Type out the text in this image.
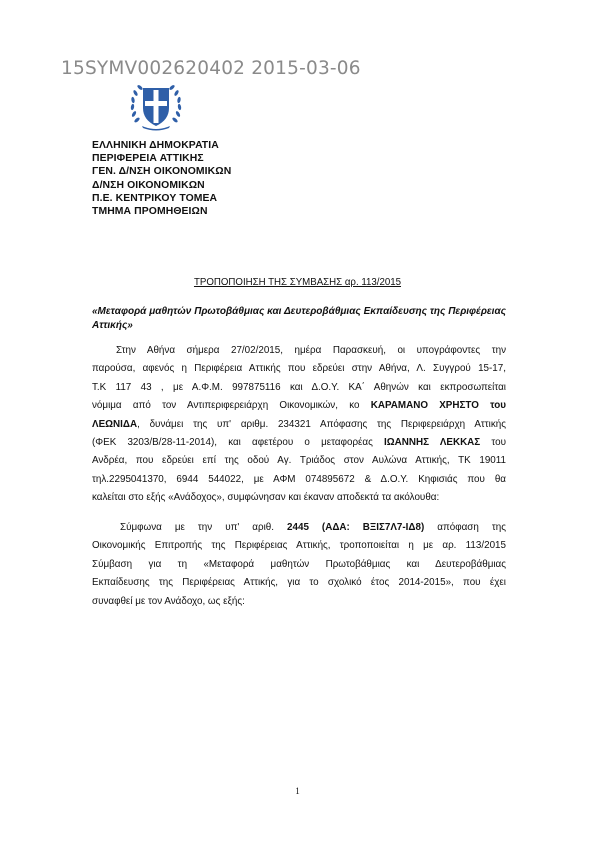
15SYMV002620402 2015-03-06
ΕΛΛΗΝΙΚΗ ΔΗΜΟΚΡΑΤΙΑ
ΠΕΡΙΦΕΡΕΙΑ ΑΤΤΙΚΗΣ
ΓΕΝ. Δ/ΝΣΗ ΟΙΚΟΝΟΜΙΚΩΝ
Δ/ΝΣΗ ΟΙΚΟΝΟΜΙΚΩΝ
Π.Ε. ΚΕΝΤΡΙΚΟΥ ΤΟΜΕΑ
ΤΜΗΜΑ ΠΡΟΜΗΘΕΙΩΝ
ΤΡΟΠΟΠΟΙΗΣΗ ΤΗΣ ΣΥΜΒΑΣΗΣ αρ. 113/2015
«Μεταφορά μαθητών Πρωτοβάθμιας και Δευτεροβάθμιας Εκπαίδευσης της Περιφέρειας Αττικής»
Στην Αθήνα σήμερα 27/02/2015, ημέρα Παρασκευή, οι υπογράφοντες την
παρούσα, αφενός η Περιφέρεια Αττικής που εδρεύει στην Αθήνα, Λ. Συγγρού 15-17,
Τ.Κ 117 43 , με Α.Φ.Μ. 997875116 και Δ.Ο.Υ. ΚΑ΄ Αθηνών και εκπροσωπείται
νόμιμα από τον Αντιπεριφερειάρχη Οικονομικών, κο ΚΑΡΑΜΑΝΟ ΧΡΗΣΤΟ του
ΛΕΩΝΙΔΑ, δυνάμει της υπ' αριθμ. 234321 Απόφασης της Περιφερειάρχη Αττικής
(ΦΕΚ 3203/Β/28-11-2014), και αφετέρου ο μεταφορέας ΙΩΑΝΝΗΣ ΛΕΚΚΑΣ του
Ανδρέα, που εδρεύει επί της οδού Αγ. Τριάδος στον Αυλώνα Αττικής, ΤΚ 19011
τηλ.2295041370, 6944 544022, με ΑΦΜ 074895672 & Δ.Ο.Υ. Κηφισιάς που θα
καλείται στο εξής «Ανάδοχος», συμφώνησαν και έκαναν αποδεκτά τα ακόλουθα:
Σύμφωνα με την υπ' αριθ. 2445 (ΑΔΑ: ΒΞΙΣ7Λ7-ΙΔ8) απόφαση της
Οικονομικής Επιτροπής της Περιφέρειας Αττικής, τροποποιείται η με αρ. 113/2015
Σύμβαση για τη «Μεταφορά μαθητών Πρωτοβάθμιας και Δευτεροβάθμιας
Εκπαίδευσης της Περιφέρειας Αττικής, για το σχολικό έτος 2014-2015», που έχει
συναφθεί με τον Ανάδοχο, ως εξής:
1
